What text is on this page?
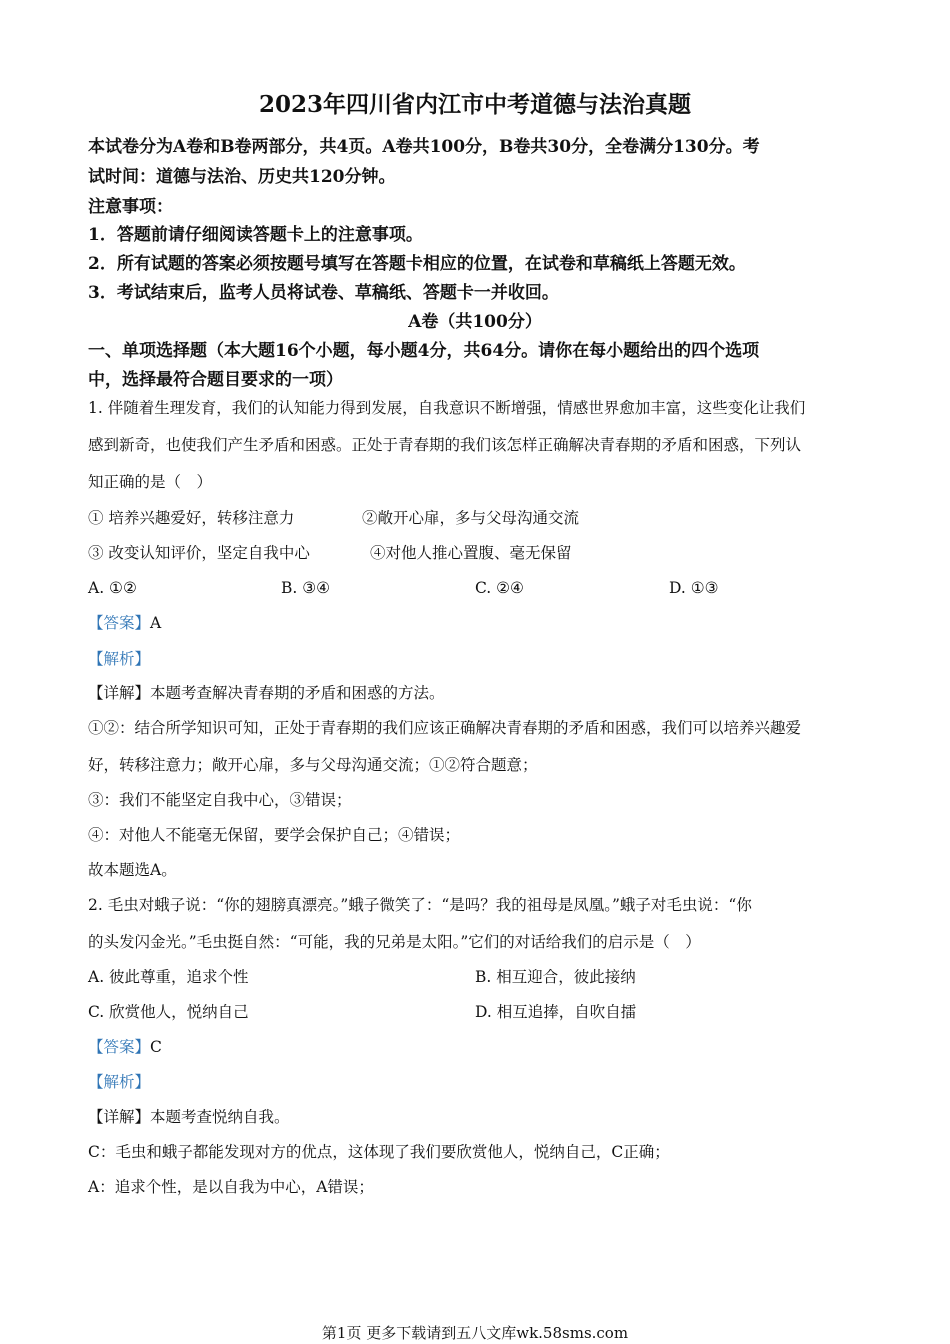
2023年四川省内江市中考道德与法治真题
本试卷分为A卷和B卷两部分，共4页。A卷共100分，B卷共30分，全卷满分130分。考
试时间：道德与法治、历史共120分钟。
注意事项：
1．答题前请仔细阅读答题卡上的注意事项。
2．所有试题的答案必须按题号填写在答题卡相应的位置，在试卷和草稿纸上答题无效。
3．考试结束后，监考人员将试卷、草稿纸、答题卡一并收回。
A卷（共100分）
一、单项选择题（本大题16个小题，每小题4分，共64分。请你在每小题给出的四个选项
中，选择最符合题目要求的一项）
1. 伴随着生理发育，我们的认知能力得到发展，自我意识不断增强，情感世界愈加丰富，这些变化让我们
感到新奇，也使我们产生矛盾和困惑。正处于青春期的我们该怎样正确解决青春期的矛盾和困惑，下列认
知正确的是（　）
① 培养兴趣爱好，转移注意力	②敞开心扉，多与父母沟通交流
③ 改变认知评价，坚定自我中心	④对他人推心置腹、毫无保留
A. ①②	B. ③④	C. ②④	D. ①③
【答案】A
【解析】
【详解】本题考查解决青春期的矛盾和困惑的方法。
①②：结合所学知识可知，正处于青春期的我们应该正确解决青春期的矛盾和困惑，我们可以培养兴趣爱
好，转移注意力；敞开心扉，多与父母沟通交流；①②符合题意；
③：我们不能坚定自我中心，③错误；
④：对他人不能毫无保留，要学会保护自己；④错误；
故本题选A。
2. 毛虫对蛾子说：“你的翅膀真漂亮。”蛾子微笑了：“是吗？我的祖母是凤凰。”蛾子对毛虫说：“你
的头发闪金光。”毛虫挺自然：“可能，我的兄弟是太阳。”它们的对话给我们的启示是（　）
A. 彼此尊重，追求个性	B. 相互迎合，彼此接纳
C. 欣赏他人，悦纳自己	D. 相互追捧，自吹自擂
【答案】C
【解析】
【详解】本题考查悦纳自我。
C：毛虫和蛾子都能发现对方的优点，这体现了我们要欣赏他人，悦纳自己，C正确；
A：追求个性，是以自我为中心，A错误；
第1页 更多下载请到五八文库wk.58sms.com
